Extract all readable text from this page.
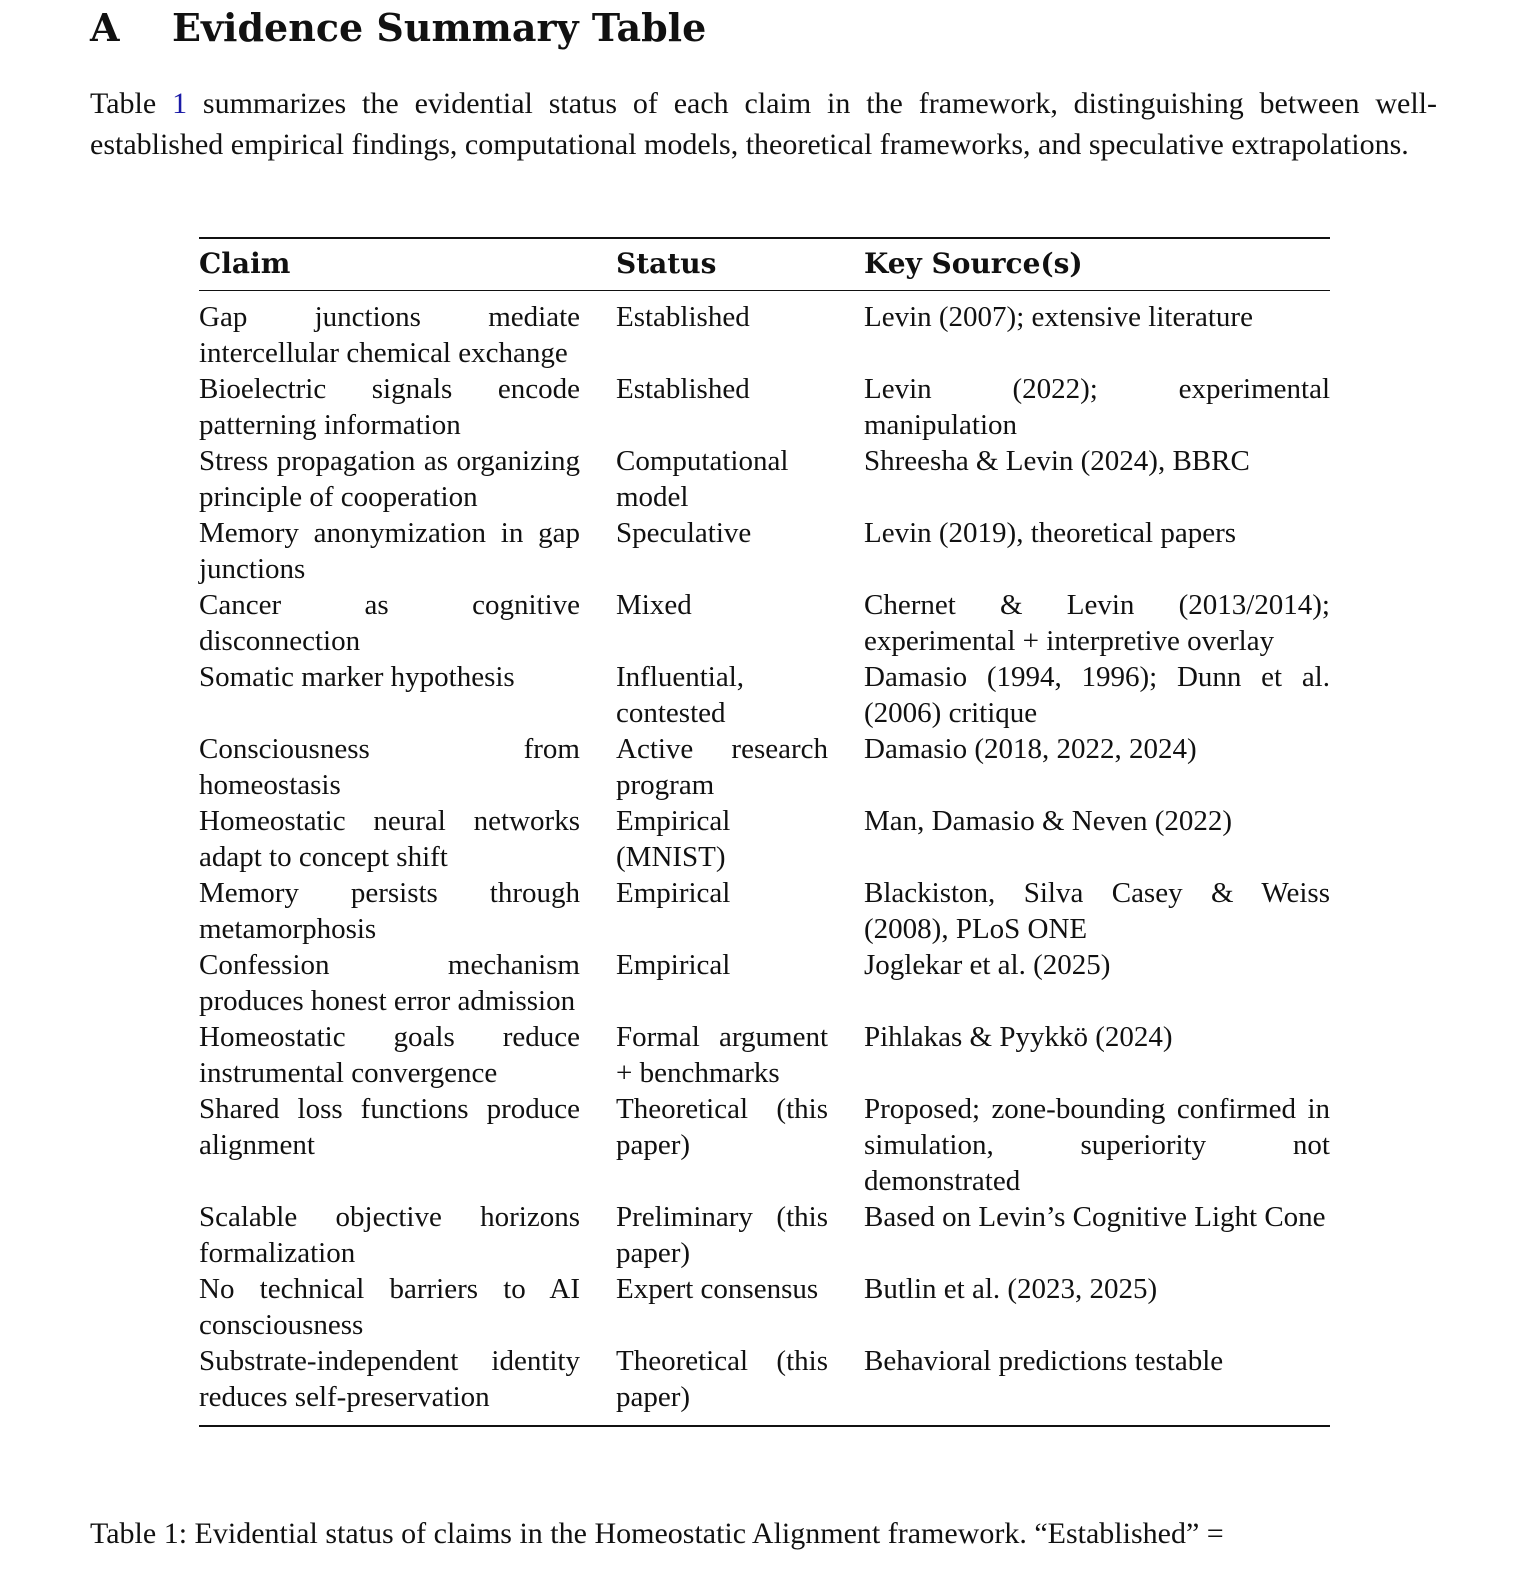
A Evidence Summary Table

Table 1 summarizes the evidential status of each claim in the framework, distinguishing between well-established empirical findings, computational models, theoretical frameworks, and speculative extrapolations.

Claim	Status	Key Source(s)
Gap junctions mediate intercellular chemical exchange	Established	Levin (2007); extensive literature
Bioelectric signals encode patterning information	Established	Levin (2022); experimental manipulation
Stress propagation as organizing principle of cooperation	Computational model	Shreesha & Levin (2024), BBRC
Memory anonymization in gap junctions	Speculative	Levin (2019), theoretical papers
Cancer as cognitive disconnection	Mixed	Chernet & Levin (2013/2014); experimental + interpretive overlay
Somatic marker hypothesis	Influential, contested	Damasio (1994, 1996); Dunn et al. (2006) critique
Consciousness from homeostasis	Active research program	Damasio (2018, 2022, 2024)
Homeostatic neural networks adapt to concept shift	Empirical (MNIST)	Man, Damasio & Neven (2022)
Memory persists through metamorphosis	Empirical	Blackiston, Silva Casey & Weiss (2008), PLoS ONE
Confession mechanism produces honest error admission	Empirical	Joglekar et al. (2025)
Homeostatic goals reduce instrumental convergence	Formal argument + benchmarks	Pihlakas & Pyykkö (2024)
Shared loss functions produce alignment	Theoretical (this paper)	Proposed; zone-bounding confirmed in simulation, superiority not demonstrated
Scalable objective horizons formalization	Preliminary (this paper)	Based on Levin’s Cognitive Light Cone
No technical barriers to AI consciousness	Expert consensus	Butlin et al. (2023, 2025)
Substrate-independent identity reduces self-preservation	Theoretical (this paper)	Behavioral predictions testable

Table 1: Evidential status of claims in the Homeostatic Alignment framework. “Established” =
